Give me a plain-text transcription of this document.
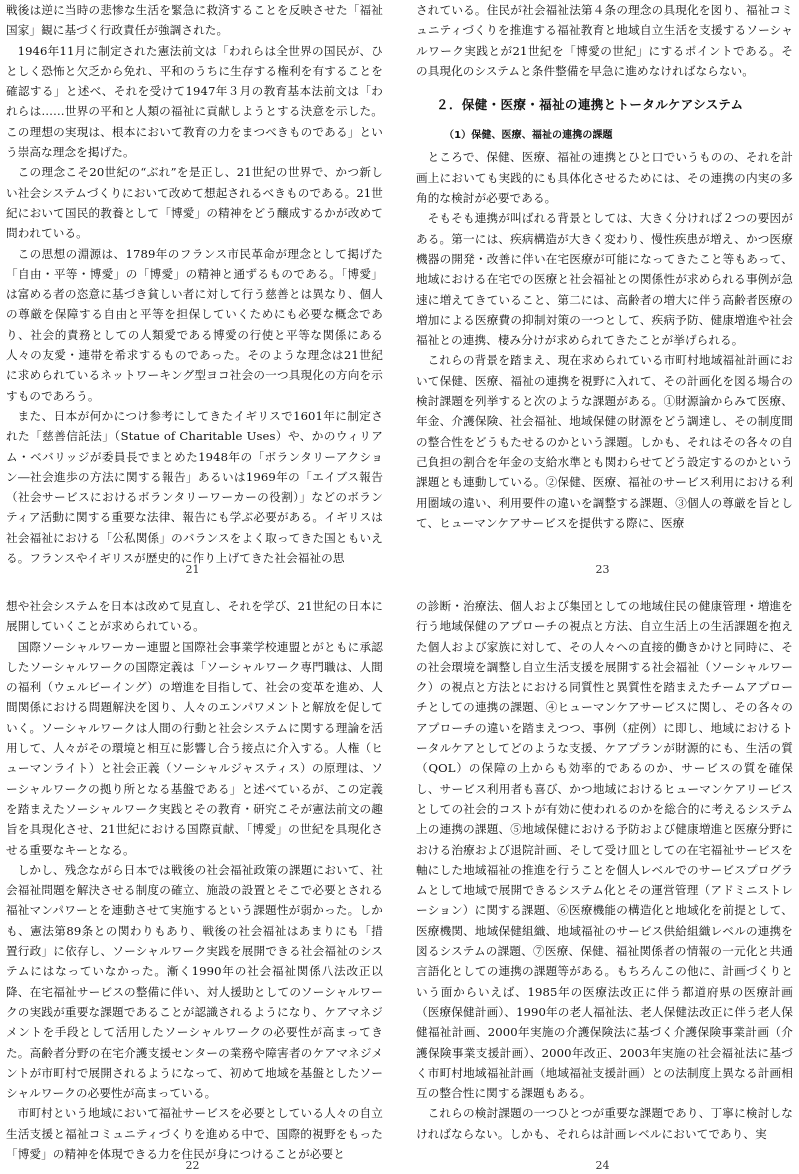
戦後は逆に当時の悲惨な生活を緊急に救済することを反映させた「福祉国家」観に基づく行政責任が強調された。

1946年11月に制定された憲法前文は「われらは全世界の国民が、ひとしく恐怖と欠乏から免れ、平和のうちに生存する権利を有することを確認する」と述べ、それを受けて1947年３月の教育基本法前文は「われらは……世界の平和と人類の福祉に貢献しようとする決意を示した。この理想の実現は、根本において教育の力をまつべきものである」という崇高な理念を掲げた。

この理念こそ20世紀の“ぶれ”を是正し、21世紀の世界で、かつ新しい社会システムづくりにおいて改めて想起されるべきものである。21世紀において国民的教養として「博愛」の精神をどう醸成するかが改めて問われている。

この思想の淵源は、1789年のフランス市民革命が理念として掲げた「自由・平等・博愛」の「博愛」の精神と通ずるものである。「博愛」は富める者の恣意に基づき貧しい者に対して行う慈善とは異なり、個人の尊厳を保障する自由と平等を担保していくためにも必要な概念であり、社会的責務としての人類愛である博愛の行使と平等な関係にある人々の友愛・連帯を希求するものであった。そのような理念は21世紀に求められているネットワーキング型ヨコ社会の一つ具現化の方向を示すものであろう。

また、日本が何かにつけ参考にしてきたイギリスで1601年に制定された「慈善信託法」（Statue of Charitable Uses）や、かのウィリアム・ベバリッジが委員長でまとめた1948年の「ボランタリーアクション―社会進歩の方法に関する報告」あるいは1969年の「エイブス報告（社会サービスにおけるボランタリーワーカーの役割）」などのボランティア活動に関する重要な法律、報告にも学ぶ必要がある。イギリスは社会福祉における「公私関係」のバランスをよく取ってきた国ともいえる。フランスやイギリスが歴史的に作り上げてきた社会福祉の思

21

されている。住民が社会福祉法第４条の理念の具現化を図り、福祉コミュニティづくりを推進する福祉教育と地域自立生活を支援するソーシャルワーク実践とが21世紀を「博愛の世紀」にするポイントである。その具現化のシステムと条件整備を早急に進めなければならない。

２．保健・医療・福祉の連携とトータルケアシステム
（1）保健、医療、福祉の連携の課題

ところで、保健、医療、福祉の連携とひと口でいうものの、それを計画上においても実践的にも具体化させるためには、その連携の内実の多角的な検討が必要である。

そもそも連携が叫ばれる背景としては、大きく分ければ２つの要因がある。第一には、疾病構造が大きく変わり、慢性疾患が増え、かつ医療機器の開発・改善に伴い在宅医療が可能になってきたこと等もあって、地域における在宅での医療と社会福祉との関係性が求められる事例が急速に増えてきていること、第二には、高齢者の増大に伴う高齢者医療の増加による医療費の抑制対策の一つとして、疾病予防、健康増進や社会福祉との連携、棲み分けが求められてきたことが挙げられる。

これらの背景を踏まえ、現在求められている市町村地域福祉計画において保健、医療、福祉の連携を視野に入れて、その計画化を図る場合の検討課題を列挙すると次のような課題がある。①財源論からみて医療、年金、介護保険、社会福祉、地域保健の財源をどう調達し、その制度間の整合性をどうもたせるのかという課題。しかも、それはその各々の自己負担の割合を年金の支給水準とも関わらせてどう設定するのかという課題とも連動している。②保健、医療、福祉のサービス利用における利用圏域の違い、利用要件の違いを調整する課題、③個人の尊厳を旨として、ヒューマンケアサービスを提供する際に、医療

23

想や社会システムを日本は改めて見直し、それを学び、21世紀の日本に展開していくことが求められている。

国際ソーシャルワーカー連盟と国際社会事業学校連盟とがともに承認したソーシャルワークの国際定義は「ソーシャルワーク専門職は、人間の福利（ウェルビーイング）の増進を目指して、社会の変革を進め、人間関係における問題解決を図り、人々のエンパワメントと解放を促していく。ソーシャルワークは人間の行動と社会システムに関する理論を活用して、人々がその環境と相互に影響し合う接点に介入する。人権（ヒューマンライト）と社会正義（ソーシャルジャスティス）の原理は、ソーシャルワークの拠り所となる基盤である」と述べているが、この定義を踏まえたソーシャルワーク実践とその教育・研究こそが憲法前文の趣旨を具現化させ、21世紀における国際貢献、「博愛」の世紀を具現化させる重要なキーとなる。

しかし、残念ながら日本では戦後の社会福祉政策の課題において、社会福祉問題を解決させる制度の確立、施設の設置とそこで必要とされる福祉マンパワーとを連動させて実施するという課題性が弱かった。しかも、憲法第89条との関わりもあり、戦後の社会福祉はあまりにも「措置行政」に依存し、ソーシャルワーク実践を展開できる社会福祉のシステムにはなっていなかった。漸く1990年の社会福祉関係八法改正以降、在宅福祉サービスの整備に伴い、対人援助としてのソーシャルワークの実践が重要な課題であることが認識されるようになり、ケアマネジメントを手段として活用したソーシャルワークの必要性が高まってきた。高齢者分野の在宅介護支援センターの業務や障害者のケアマネジメントが市町村で展開されるようになって、初めて地域を基盤としたソーシャルワークの必要性が高まっている。

市町村という地域において福祉サービスを必要としている人々の自立生活支援と福祉コミュニティづくりを進める中で、国際的視野をもった「博愛」の精神を体現できる力を住民が身につけることが必要と

22

の診断・治療法、個人および集団としての地域住民の健康管理・増進を行う地域保健のアプローチの視点と方法、自立生活上の生活課題を抱えた個人および家族に対して、その人々への直接的働きかけと同時に、その社会環境を調整し自立生活支援を展開する社会福祉（ソーシャルワーク）の視点と方法とにおける同質性と異質性を踏まえたチームアプローチとしての連携の課題、④ヒューマンケアサービスに関し、その各々のアプローチの違いを踏まえつつ、事例（症例）に即し、地域におけるトータルケアとしてどのような支援、ケアプランが財源的にも、生活の質（QOL）の保障の上からも効率的であるのか、サービスの質を確保し、サービス利用者も喜び、かつ地域におけるヒューマンケアリービスとしての社会的コストが有効に使われるのかを総合的に考えるシステム上の連携の課題、⑤地域保健における予防および健康増進と医療分野における治療および退院計画、そして受け皿としての在宅福祉サービスを軸にした地域福祉の推進を行うことを個人レベルでのサービスプログラムとして地域で展開できるシステム化とその運営管理（アドミニストレーション）に関する課題、⑥医療機能の構造化と地域化を前提として、医療機関、地域保健組織、地域福祉のサービス供給組織レベルの連携を図るシステムの課題、⑦医療、保健、福祉関係者の情報の一元化と共通言語化としての連携の課題等がある。もちろんこの他に、計画づくりという面からいえば、1985年の医療法改正に伴う都道府県の医療計画（医療保健計画）、1990年の老人福祉法、老人保健法改正に伴う老人保健福祉計画、2000年実施の介護保険法に基づく介護保険事業計画（介護保険事業支援計画）、2000年改正、2003年実施の社会福祉法に基づく市町村地域福祉計画（地域福祉支援計画）との法制度上異なる計画相互の整合性に関する課題もある。

これらの検討課題の一つひとつが重要な課題であり、丁寧に検討しなければならない。しかも、それらは計画レベルにおいてであり、実

24
